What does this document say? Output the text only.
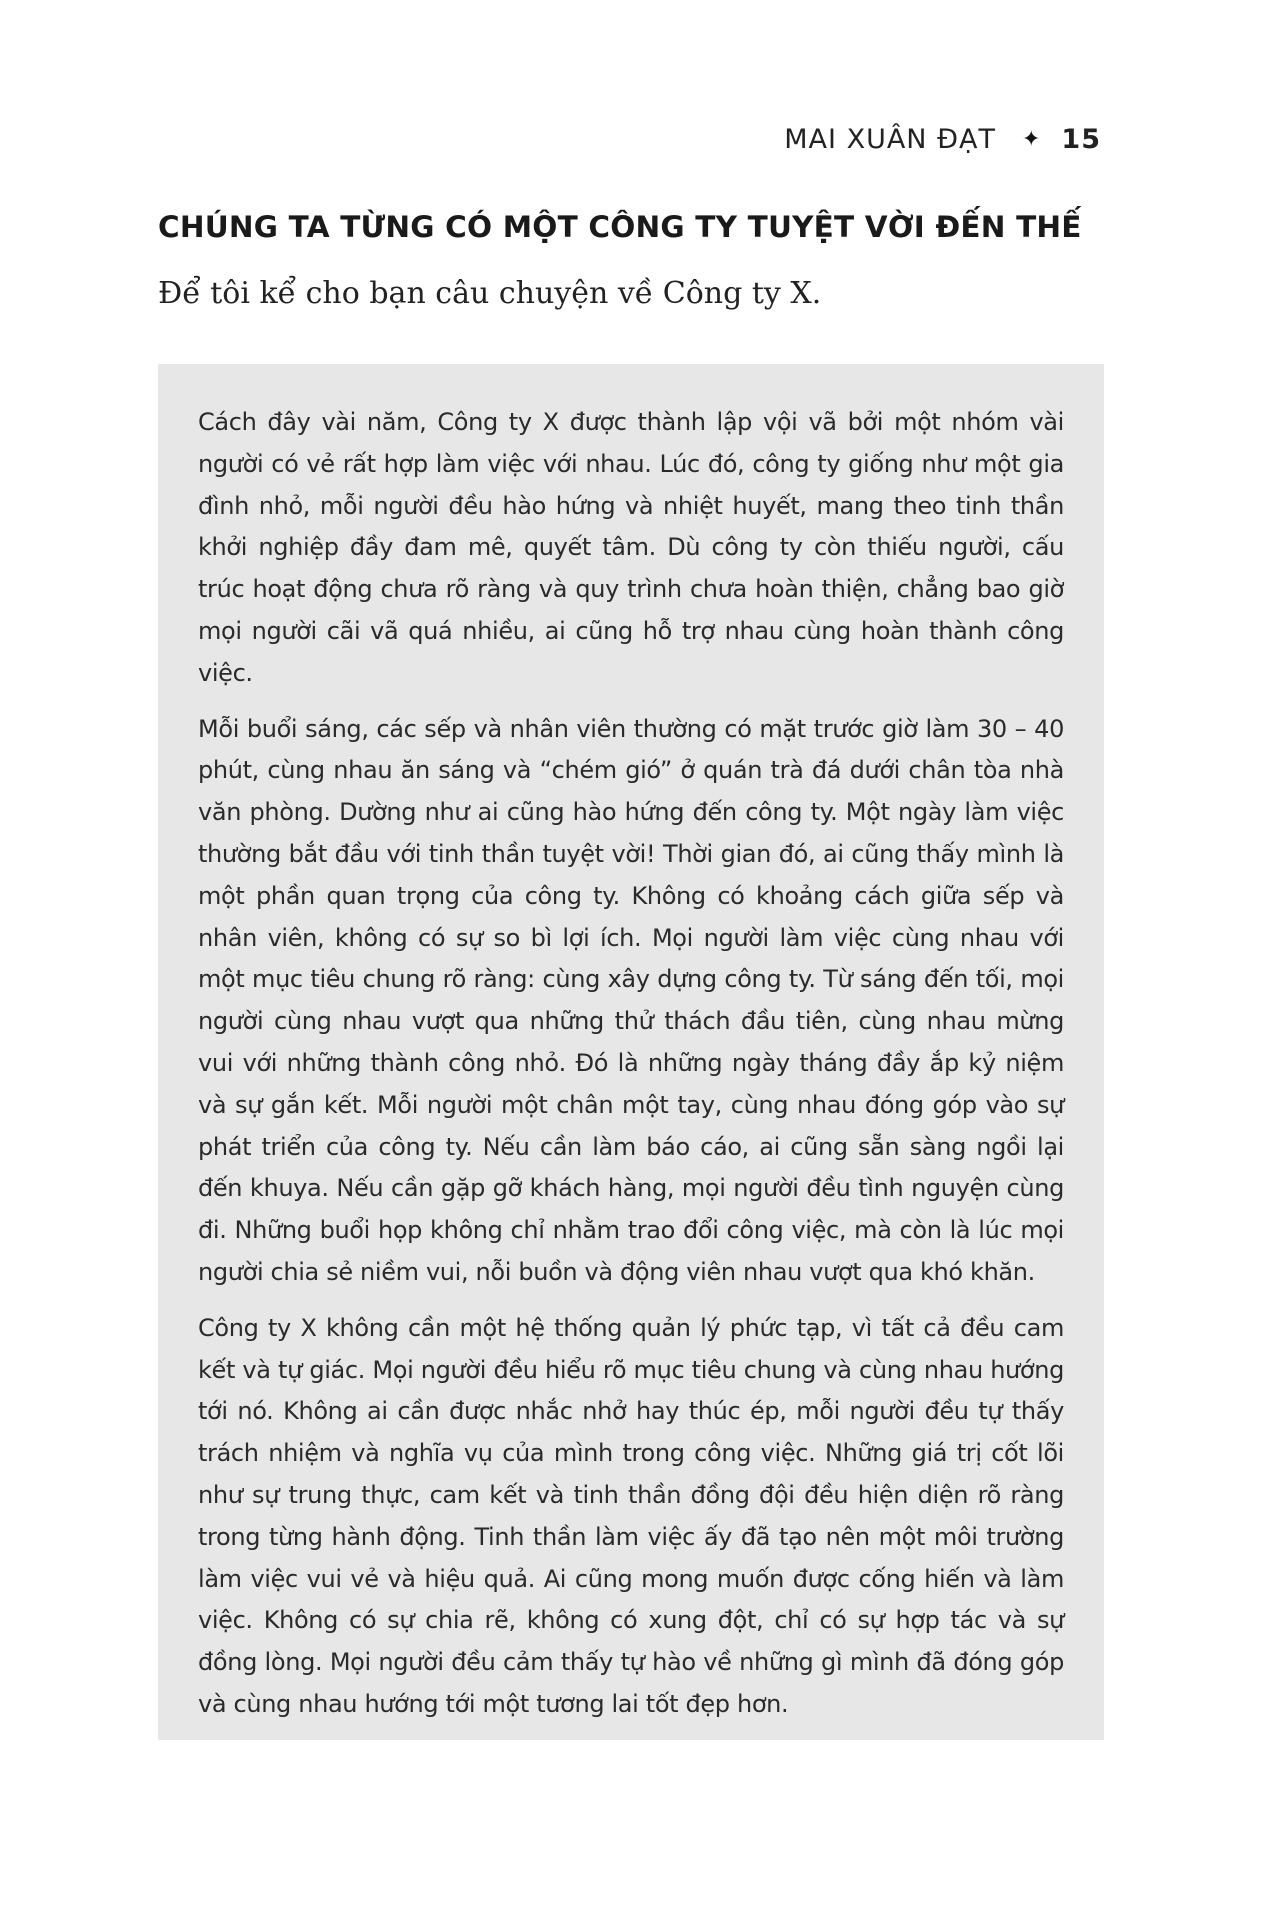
MAI XUÂN ĐẠT ✦ 15
CHÚNG TA TỪNG CÓ MỘT CÔNG TY TUYỆT VỜI ĐẾN THẾ

Để tôi kể cho bạn câu chuyện về Công ty X.

Cách đây vài năm, Công ty X được thành lập vội vã bởi một nhóm vài người có vẻ rất hợp làm việc với nhau. Lúc đó, công ty giống như một gia đình nhỏ, mỗi người đều hào hứng và nhiệt huyết, mang theo tinh thần khởi nghiệp đầy đam mê, quyết tâm. Dù công ty còn thiếu người, cấu trúc hoạt động chưa rõ ràng và quy trình chưa hoàn thiện, chẳng bao giờ mọi người cãi vã quá nhiều, ai cũng hỗ trợ nhau cùng hoàn thành công việc.

Mỗi buổi sáng, các sếp và nhân viên thường có mặt trước giờ làm 30 – 40 phút, cùng nhau ăn sáng và “chém gió” ở quán trà đá dưới chân tòa nhà văn phòng. Dường như ai cũng hào hứng đến công ty. Một ngày làm việc thường bắt đầu với tinh thần tuyệt vời! Thời gian đó, ai cũng thấy mình là một phần quan trọng của công ty. Không có khoảng cách giữa sếp và nhân viên, không có sự so bì lợi ích. Mọi người làm việc cùng nhau với một mục tiêu chung rõ ràng: cùng xây dựng công ty. Từ sáng đến tối, mọi người cùng nhau vượt qua những thử thách đầu tiên, cùng nhau mừng vui với những thành công nhỏ. Đó là những ngày tháng đầy ắp kỷ niệm và sự gắn kết. Mỗi người một chân một tay, cùng nhau đóng góp vào sự phát triển của công ty. Nếu cần làm báo cáo, ai cũng sẵn sàng ngồi lại đến khuya. Nếu cần gặp gỡ khách hàng, mọi người đều tình nguyện cùng đi. Những buổi họp không chỉ nhằm trao đổi công việc, mà còn là lúc mọi người chia sẻ niềm vui, nỗi buồn và động viên nhau vượt qua khó khăn.

Công ty X không cần một hệ thống quản lý phức tạp, vì tất cả đều cam kết và tự giác. Mọi người đều hiểu rõ mục tiêu chung và cùng nhau hướng tới nó. Không ai cần được nhắc nhở hay thúc ép, mỗi người đều tự thấy trách nhiệm và nghĩa vụ của mình trong công việc. Những giá trị cốt lõi như sự trung thực, cam kết và tinh thần đồng đội đều hiện diện rõ ràng trong từng hành động. Tinh thần làm việc ấy đã tạo nên một môi trường làm việc vui vẻ và hiệu quả. Ai cũng mong muốn được cống hiến và làm việc. Không có sự chia rẽ, không có xung đột, chỉ có sự hợp tác và sự đồng lòng. Mọi người đều cảm thấy tự hào về những gì mình đã đóng góp và cùng nhau hướng tới một tương lai tốt đẹp hơn.
